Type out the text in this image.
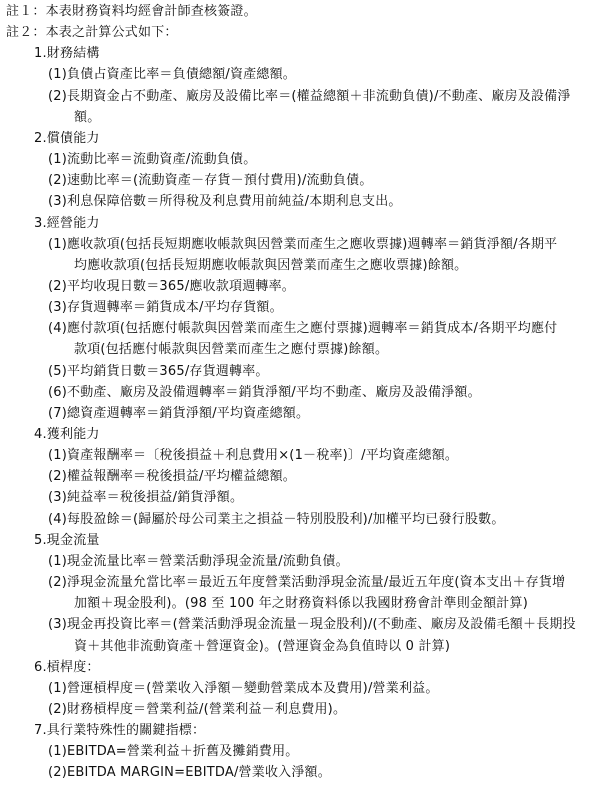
註１：本表財務資料均經會計師查核簽證。
註２：本表之計算公式如下：
1.財務結構
(1)負債占資產比率＝負債總額/資產總額。
(2)長期資金占不動產、廠房及設備比率＝(權益總額＋非流動負債)/不動產、廠房及設備淨
額。
2.償債能力
(1)流動比率＝流動資產/流動負債。
(2)速動比率＝(流動資產－存貨－預付費用)/流動負債。
(3)利息保障倍數＝所得稅及利息費用前純益/本期利息支出。
3.經營能力
(1)應收款項(包括長短期應收帳款與因營業而產生之應收票據)週轉率＝銷貨淨額/各期平
均應收款項(包括長短期應收帳款與因營業而產生之應收票據)餘額。
(2)平均收現日數＝365/應收款項週轉率。
(3)存貨週轉率＝銷貨成本/平均存貨額。
(4)應付款項(包括應付帳款與因營業而產生之應付票據)週轉率＝銷貨成本/各期平均應付
款項(包括應付帳款與因營業而產生之應付票據)餘額。
(5)平均銷貨日數＝365/存貨週轉率。
(6)不動產、廠房及設備週轉率＝銷貨淨額/平均不動產、廠房及設備淨額。
(7)總資產週轉率＝銷貨淨額/平均資產總額。
4.獲利能力
(1)資產報酬率＝〔稅後損益＋利息費用×(1－稅率)〕/平均資產總額。
(2)權益報酬率＝稅後損益/平均權益總額。
(3)純益率＝稅後損益/銷貨淨額。
(4)每股盈餘＝(歸屬於母公司業主之損益－特別股股利)/加權平均已發行股數。
5.現金流量
(1)現金流量比率＝營業活動淨現金流量/流動負債。
(2)淨現金流量允當比率＝最近五年度營業活動淨現金流量/最近五年度(資本支出＋存貨增
加額＋現金股利)。(98 至 100 年之財務資料係以我國財務會計準則金額計算)
(3)現金再投資比率＝(營業活動淨現金流量－現金股利)/(不動產、廠房及設備毛額＋長期投
資＋其他非流動資產＋營運資金)。(營運資金為負值時以 0 計算)
6.槓桿度：
(1)營運槓桿度＝(營業收入淨額－變動營業成本及費用)/營業利益。
(2)財務槓桿度＝營業利益/(營業利益－利息費用)。
7.具行業特殊性的關鍵指標：
(1)EBITDA=營業利益＋折舊及攤銷費用。
(2)EBITDA MARGIN=EBITDA/營業收入淨額。
